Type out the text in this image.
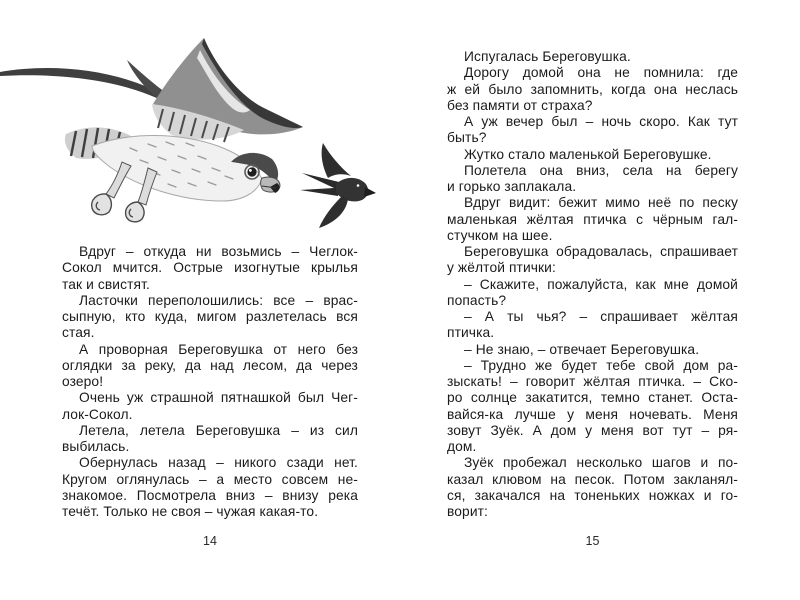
Вдруг – откуда ни возьмись – Чеглок-
Сокол мчится. Острые изогнутые крылья
так и свистят.
Ласточки переполошились: все – врас-
сыпную, кто куда, мигом разлетелась вся
стая.
А проворная Береговушка от него без
оглядки за реку, да над лесом, да через
озеро!
Очень уж страшной пятнашкой был Чег-
лок-Сокол.
Летела, летела Береговушка – из сил
выбилась.
Обернулась назад – никого сзади нет.
Кругом оглянулась – а место совсем не-
знакомое. Посмотрела вниз – внизу река
течёт. Только не своя – чужая какая-то.
Испугалась Береговушка.
Дорогу домой она не помнила: где
ж ей было запомнить, когда она неслась
без памяти от страха?
А уж вечер был – ночь скоро. Как тут
быть?
Жутко стало маленькой Береговушке.
Полетела она вниз, села на берегу
и горько заплакала.
Вдруг видит: бежит мимо неё по песку
маленькая жёлтая птичка с чёрным гал-
стучком на шее.
Береговушка обрадовалась, спрашивает
у жёлтой птички:
– Скажите, пожалуйста, как мне домой
попасть?
– А ты чья? – спрашивает жёлтая
птичка.
– Не знаю, – отвечает Береговушка.
– Трудно же будет тебе свой дом ра-
зыскать! – говорит жёлтая птичка. – Ско-
ро солнце закатится, темно станет. Оста-
вайся-ка лучше у меня ночевать. Меня
зовут Зуёк. А дом у меня вот тут – ря-
дом.
Зуёк пробежал несколько шагов и по-
казал клювом на песок. Потом закланял-
ся, закачался на тоненьких ножках и го-
ворит:
14	15
